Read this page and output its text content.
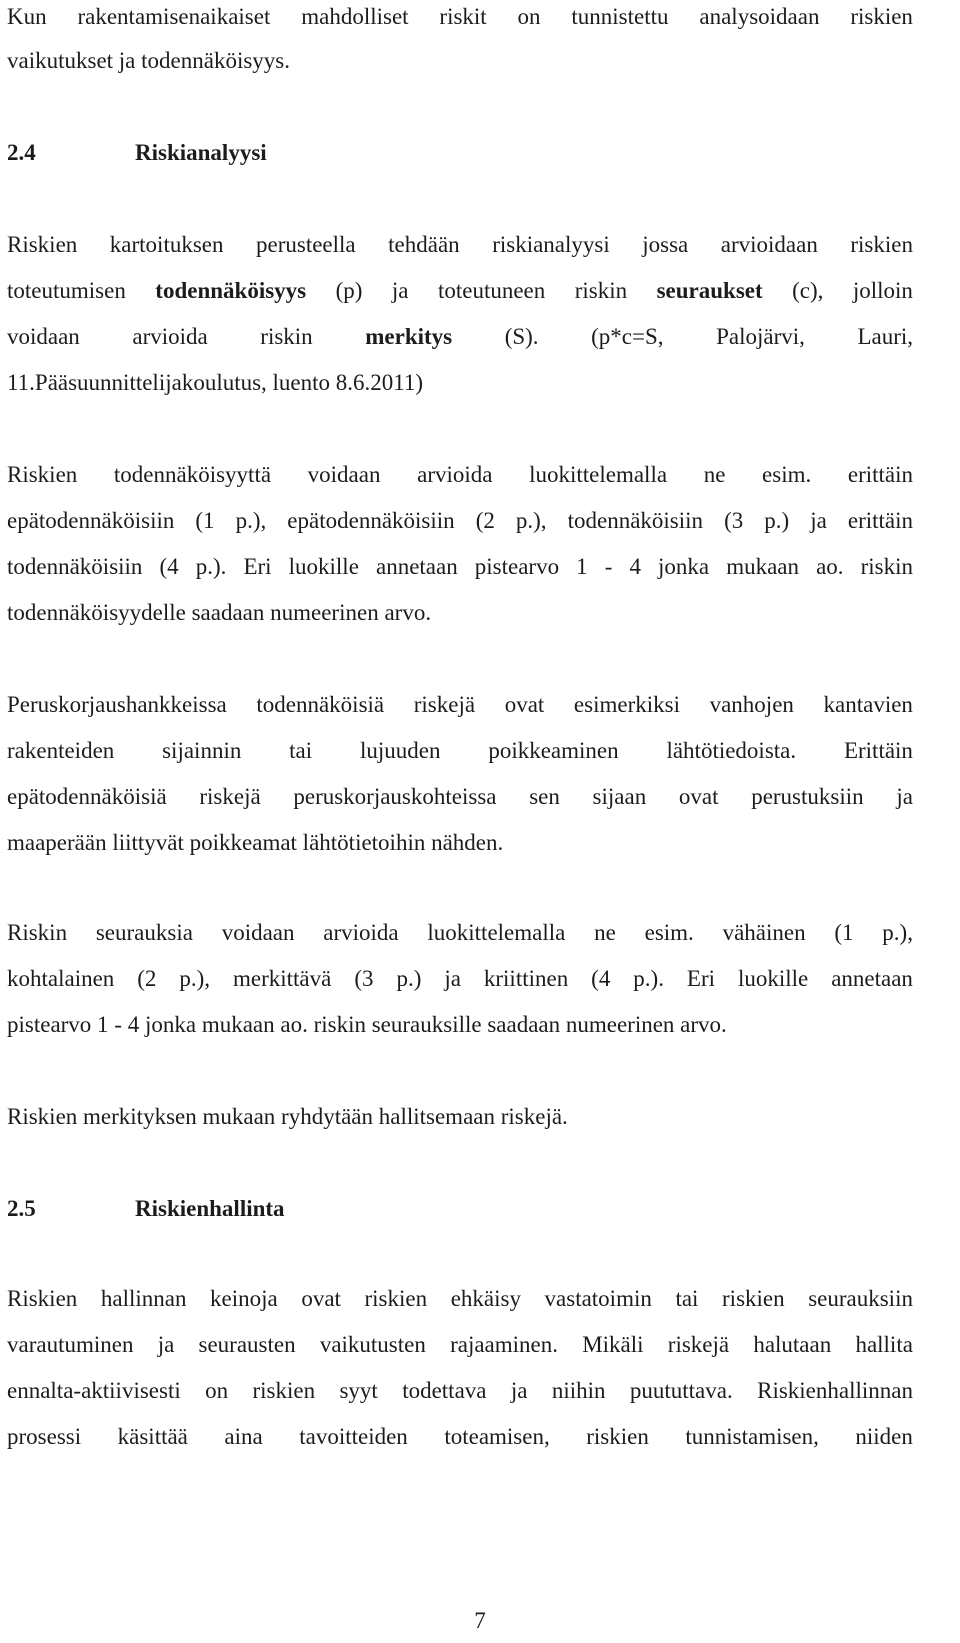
Kun rakentamisenaikaiset mahdolliset riskit on tunnistettu analysoidaan riskien

vaikutukset ja todennäköisyys.

2.4	Riskianalyysi
Riskien kartoituksen perusteella tehdään riskianalyysi jossa arvioidaan riskien
toteutumisen todennäköisyys (p) ja toteutuneen riskin seuraukset (c), jolloin
voidaan arvioida riskin merkitys (S). (p*c=S, Palojärvi, Lauri,

11.Pääsuunnittelijakoulutus, luento 8.6.2011)

Riskien todennäköisyyttä voidaan arvioida luokittelemalla ne esim. erittäin
epätodennäköisiin (1 p.), epätodennäköisiin (2 p.), todennäköisiin (3 p.) ja erittäin
todennäköisiin (4 p.). Eri luokille annetaan pistearvo 1 - 4 jonka mukaan ao. riskin

todennäköisyydelle saadaan numeerinen arvo.

Peruskorjaushankkeissa todennäköisiä riskejä ovat esimerkiksi vanhojen kantavien
rakenteiden sijainnin tai lujuuden poikkeaminen lähtötiedoista. Erittäin
epätodennäköisiä riskejä peruskorjauskohteissa sen sijaan ovat perustuksiin ja

maaperään liittyvät poikkeamat lähtötietoihin nähden.

Riskin seurauksia voidaan arvioida luokittelemalla ne esim. vähäinen (1 p.),
kohtalainen (2 p.), merkittävä (3 p.) ja kriittinen (4 p.). Eri luokille annetaan

pistearvo 1 - 4 jonka mukaan ao. riskin seurauksille saadaan numeerinen arvo.

Riskien merkityksen mukaan ryhdytään hallitsemaan riskejä.

2.5	Riskienhallinta
Riskien hallinnan keinoja ovat riskien ehkäisy vastatoimin tai riskien seurauksiin
varautuminen ja seurausten vaikutusten rajaaminen. Mikäli riskejä halutaan hallita
ennalta-aktiivisesti on riskien syyt todettava ja niihin puututtava. Riskienhallinnan
prosessi käsittää aina tavoitteiden toteamisen, riskien tunnistamisen, niiden
7
